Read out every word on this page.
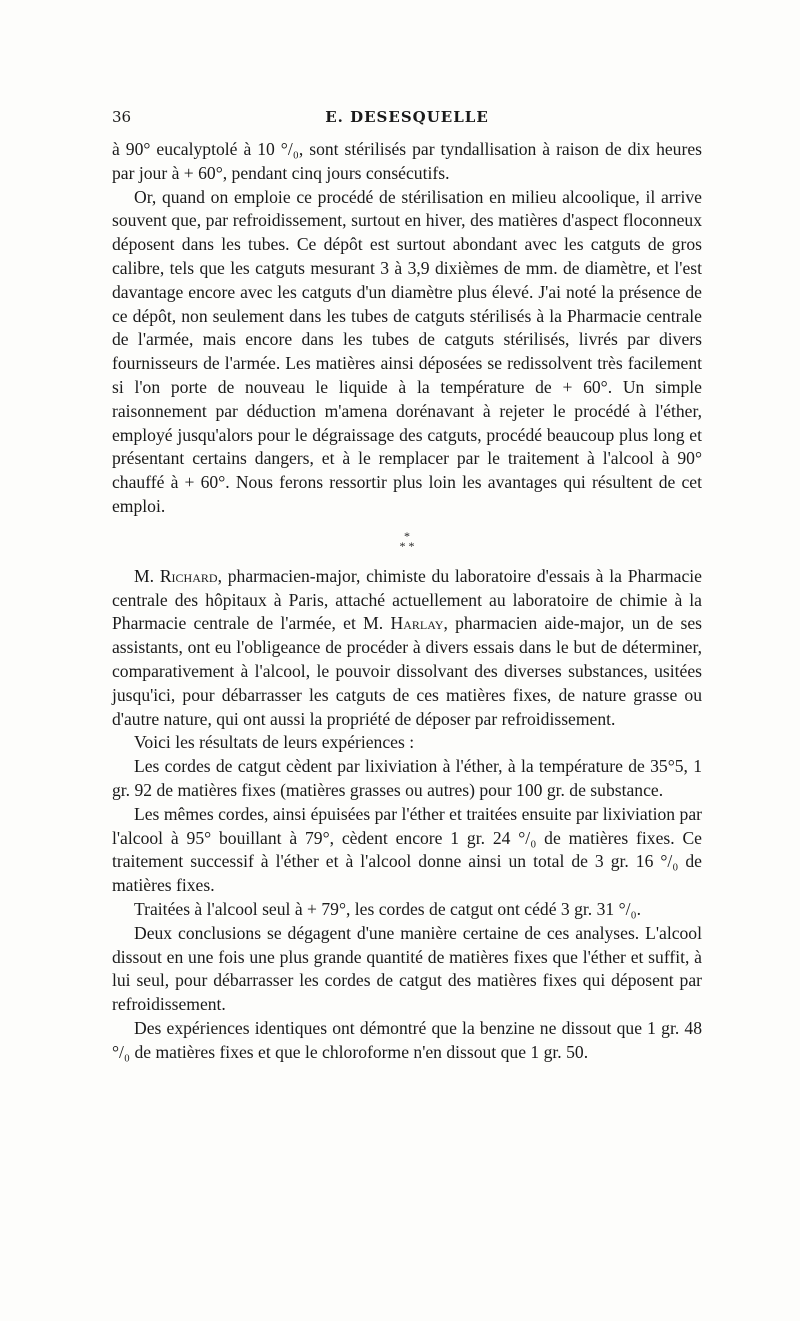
36	E. DESESQUELLE

à 90° eucalyptolé à 10 °/₀, sont stérilisés par tyndallisation à raison de dix heures par jour à + 60°, pendant cinq jours consécutifs.

Or, quand on emploie ce procédé de stérilisation en milieu alcoolique, il arrive souvent que, par refroidissement, surtout en hiver, des matières d'aspect floconneux déposent dans les tubes. Ce dépôt est surtout abondant avec les catguts de gros calibre, tels que les catguts mesurant 3 à 3,9 dixièmes de mm. de diamètre, et l'est davantage encore avec les catguts d'un diamètre plus élevé. J'ai noté la présence de ce dépôt, non seulement dans les tubes de catguts stérilisés à la Pharmacie centrale de l'armée, mais encore dans les tubes de catguts stérilisés, livrés par divers fournisseurs de l'armée. Les matières ainsi déposées se redissolvent très facilement si l'on porte de nouveau le liquide à la température de + 60°. Un simple raisonnement par déduction m'amena dorénavant à rejeter le procédé à l'éther, employé jusqu'alors pour le dégraissage des catguts, procédé beaucoup plus long et présentant certains dangers, et à le remplacer par le traitement à l'alcool à 90° chauffé à + 60°. Nous ferons ressortir plus loin les avantages qui résultent de cet emploi.

*
* *

M. Richard, pharmacien-major, chimiste du laboratoire d'essais à la Pharmacie centrale des hôpitaux à Paris, attaché actuellement au laboratoire de chimie à la Pharmacie centrale de l'armée, et M. Harlay, pharmacien aide-major, un de ses assistants, ont eu l'obligeance de procéder à divers essais dans le but de déterminer, comparativement à l'alcool, le pouvoir dissolvant des diverses substances, usitées jusqu'ici, pour débarrasser les catguts de ces matières fixes, de nature grasse ou d'autre nature, qui ont aussi la propriété de déposer par refroidissement.

Voici les résultats de leurs expériences :

Les cordes de catgut cèdent par lixiviation à l'éther, à la température de 35°5, 1 gr. 92 de matières fixes (matières grasses ou autres) pour 100 gr. de substance.

Les mêmes cordes, ainsi épuisées par l'éther et traitées ensuite par lixiviation par l'alcool à 95° bouillant à 79°, cèdent encore 1 gr. 24 °/₀ de matières fixes. Ce traitement successif à l'éther et à l'alcool donne ainsi un total de 3 gr. 16 °/₀ de matières fixes.

Traitées à l'alcool seul à + 79°, les cordes de catgut ont cédé 3 gr. 31 °/₀.

Deux conclusions se dégagent d'une manière certaine de ces analyses. L'alcool dissout en une fois une plus grande quantité de matières fixes que l'éther et suffit, à lui seul, pour débarrasser les cordes de catgut des matières fixes qui déposent par refroidissement.

Des expériences identiques ont démontré que la benzine ne dissout que 1 gr. 48 °/₀ de matières fixes et que le chloroforme n'en dissout que 1 gr. 50.
